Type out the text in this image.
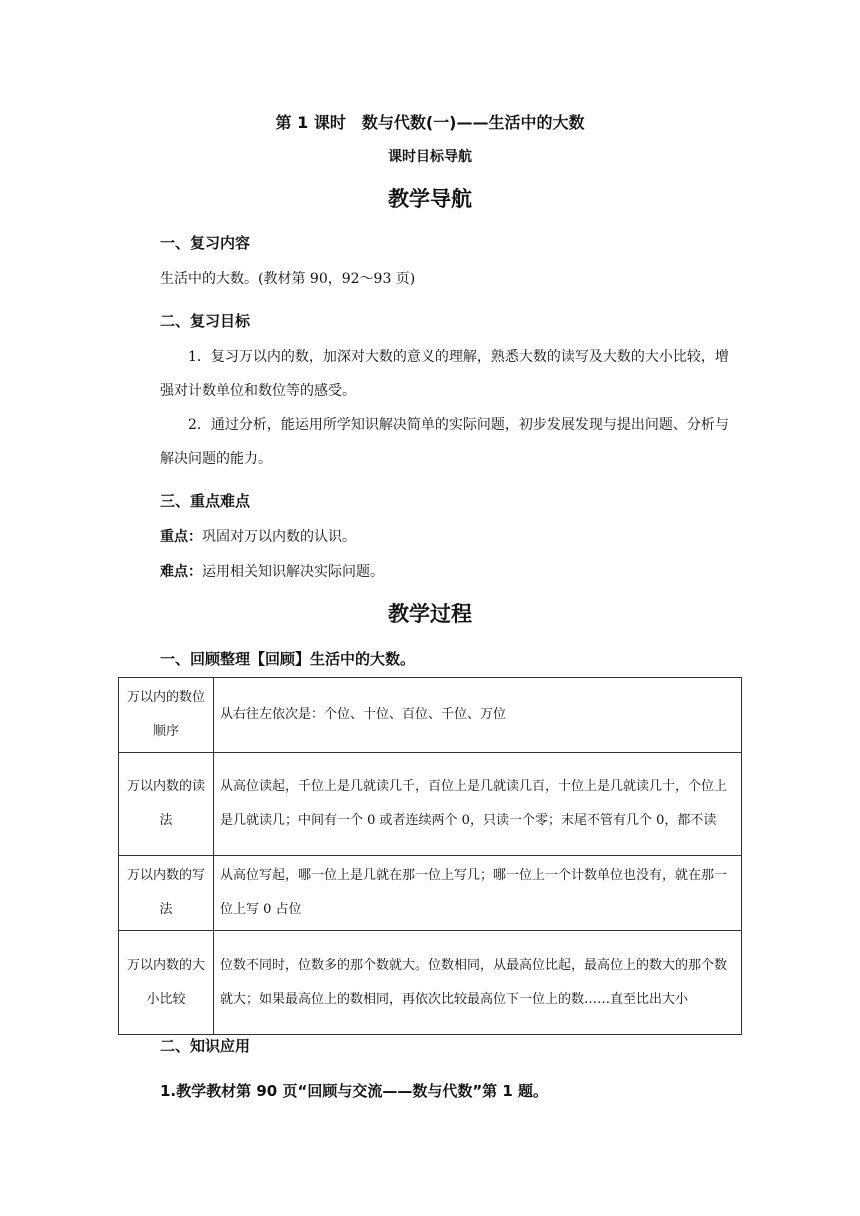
第 1 课时　数与代数(一)——生活中的大数
课时目标导航
教学导航
一、复习内容
生活中的大数。(教材第 90，92～93 页)
二、复习目标
1．复习万以内的数，加深对大数的意义的理解，熟悉大数的读写及大数的大小比较，增强对计数单位和数位等的感受。
2．通过分析，能运用所学知识解决简单的实际问题，初步发展发现与提出问题、分析与解决问题的能力。
三、重点难点
重点：巩固对万以内数的认识。
难点：运用相关知识解决实际问题。
教学过程
一、回顾整理【回顾】生活中的大数。
万以内的数位顺序	从右往左依次是：个位、十位、百位、千位、万位
万以内数的读法	从高位读起，千位上是几就读几千，百位上是几就读几百，十位上是几就读几十，个位上是几就读几；中间有一个 0 或者连续两个 0，只读一个零；末尾不管有几个 0，都不读
万以内数的写法	从高位写起，哪一位上是几就在那一位上写几；哪一位上一个计数单位也没有，就在那一位上写 0 占位
万以内数的大小比较	位数不同时，位数多的那个数就大。位数相同，从最高位比起，最高位上的数大的那个数就大；如果最高位上的数相同，再依次比较最高位下一位上的数……直至比出大小
二、知识应用
1.教学教材第 90 页“回顾与交流——数与代数”第 1 题。
